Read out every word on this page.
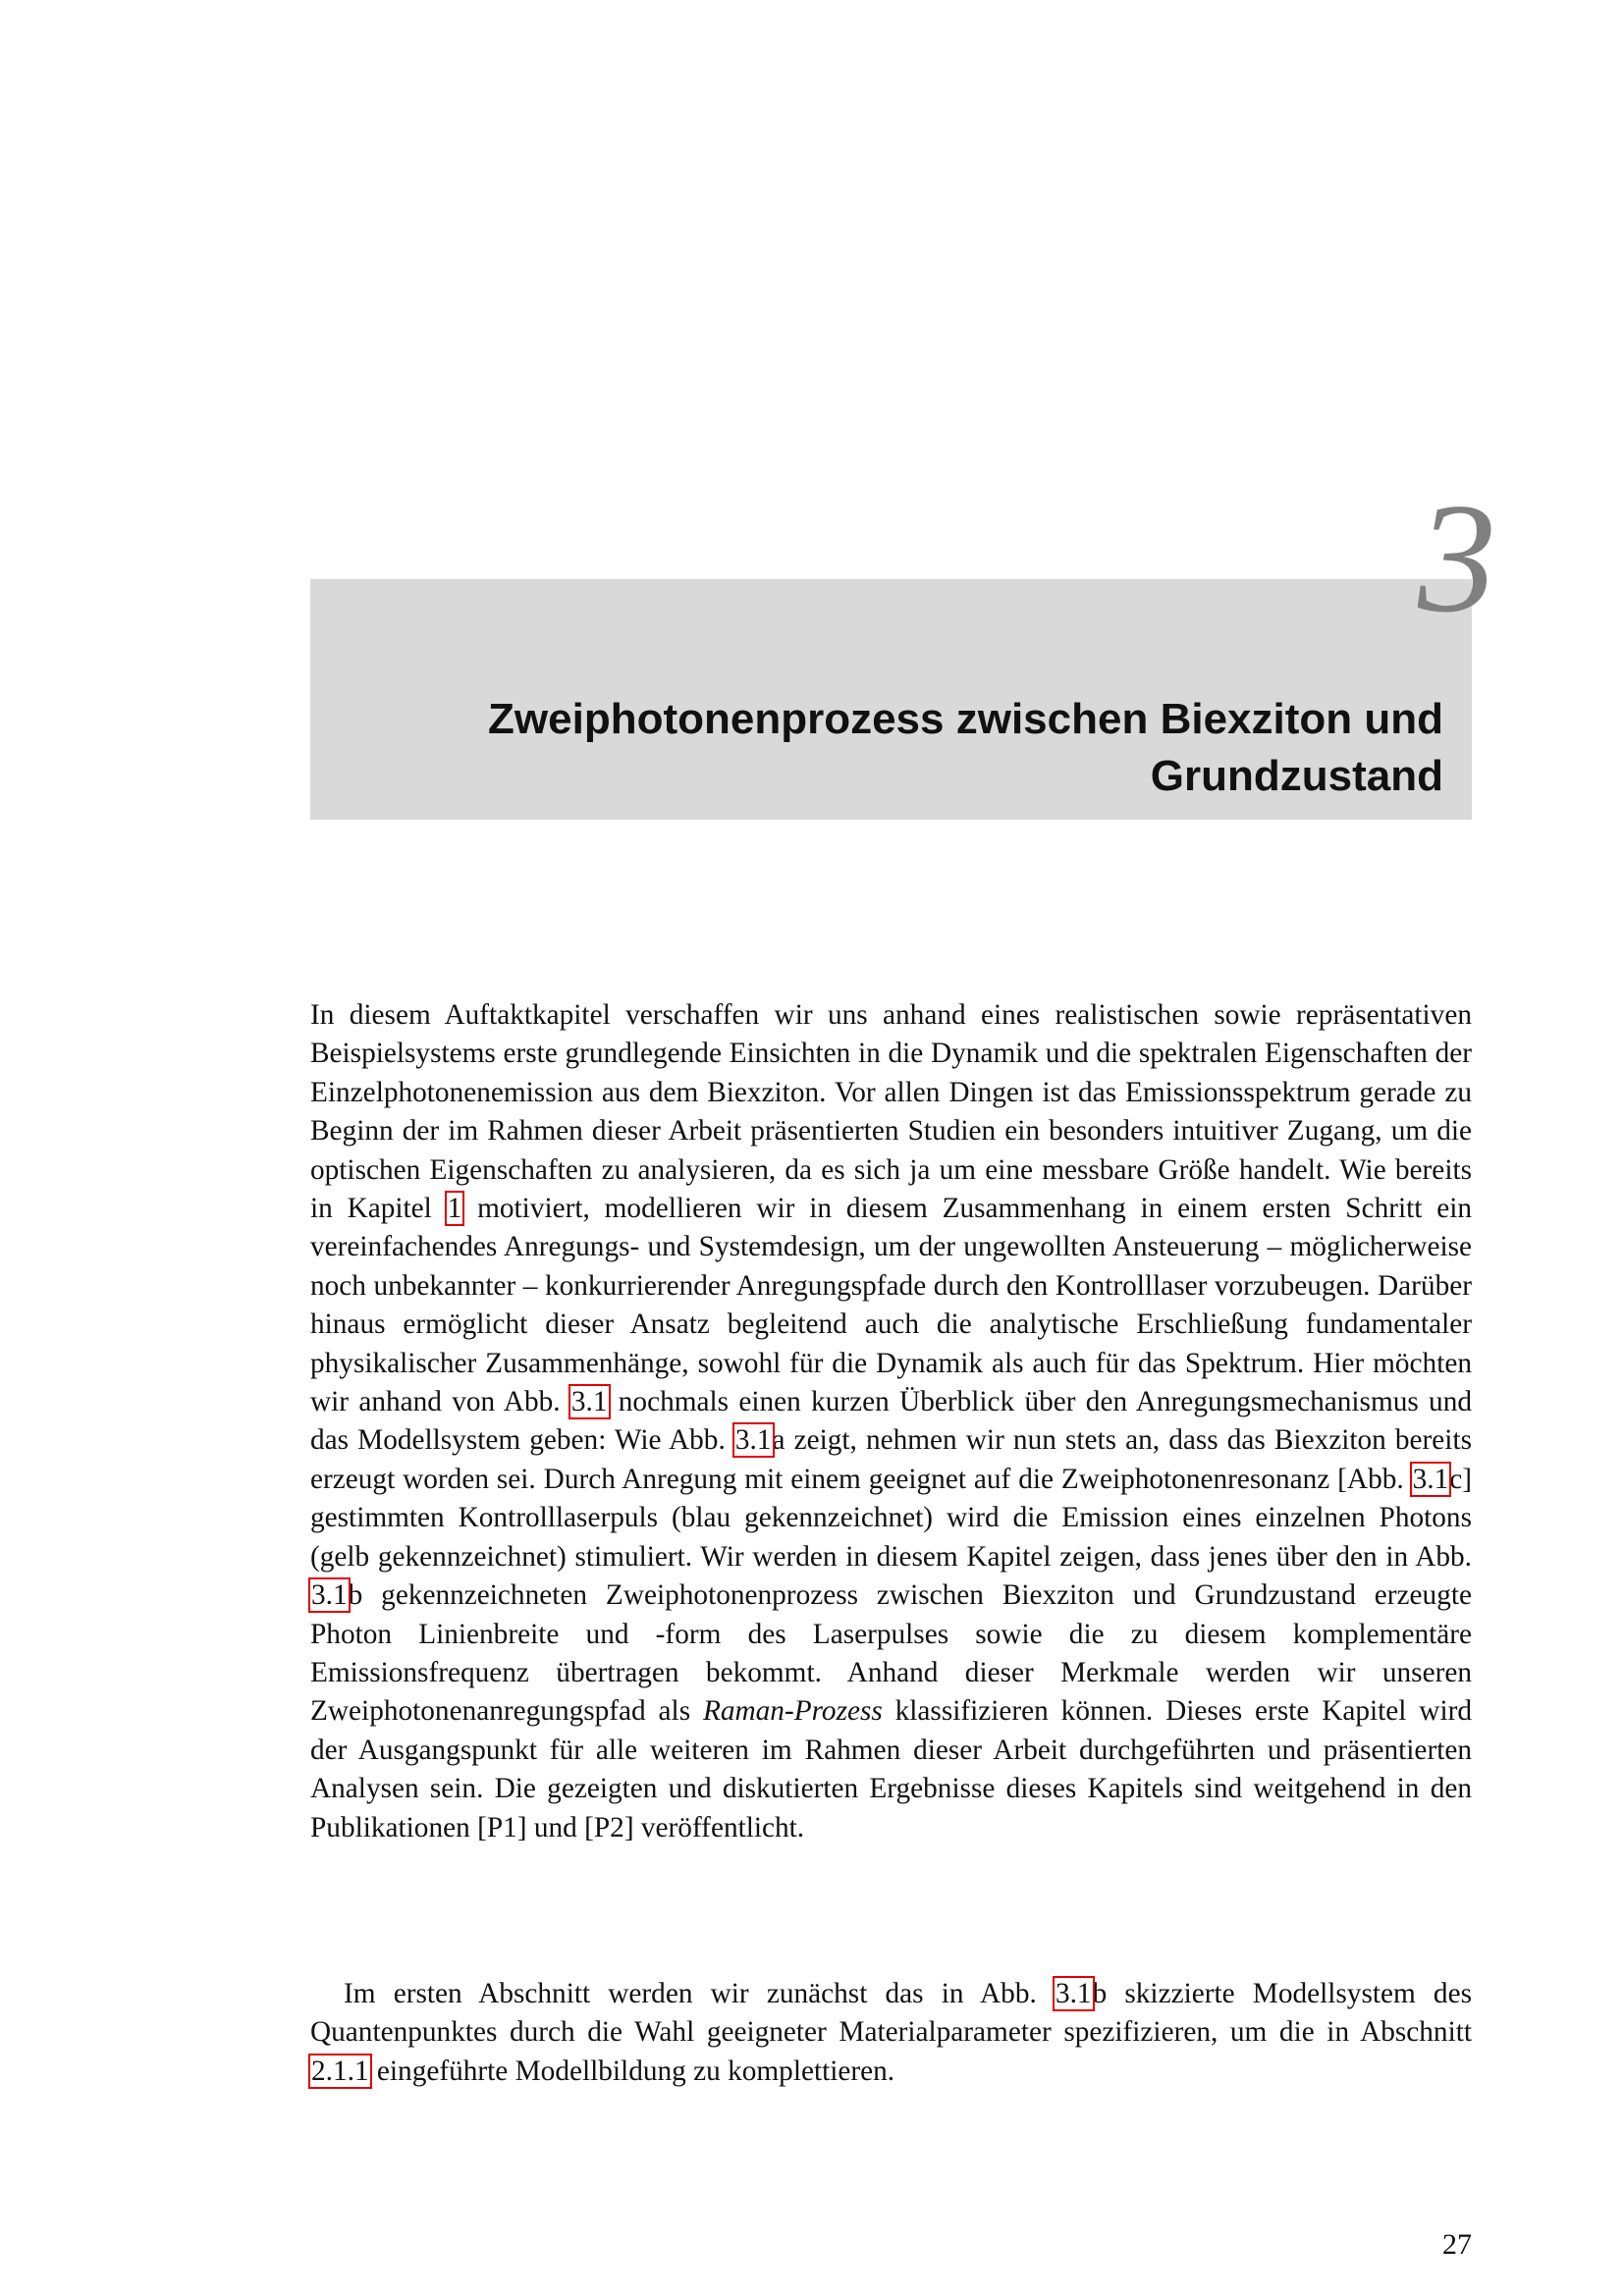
3
Zweiphotonenprozess zwischen Biexziton und
Grundzustand

In diesem Auftaktkapitel verschaffen wir uns anhand eines realistischen sowie repräsentativen Beispielsystems erste grundlegende Einsichten in die Dynamik und die spektralen Eigenschaften der Einzelphotonenemission aus dem Biexziton. Vor allen Dingen ist das Emissionsspektrum gerade zu Beginn der im Rahmen dieser Arbeit präsentierten Studien ein besonders intuitiver Zugang, um die optischen Eigenschaften zu analysieren, da es sich ja um eine messbare Größe handelt. Wie bereits in Kapitel 1 motiviert, modellieren wir in diesem Zusammenhang in einem ersten Schritt ein vereinfachendes Anregungs- und Systemdesign, um der ungewollten Ansteuerung – möglicherweise noch unbekannter – konkurrierender Anregungspfade durch den Kontrolllaser vorzubeugen. Darüber hinaus ermöglicht dieser Ansatz begleitend auch die analytische Erschließung fundamentaler physikalischer Zusammenhänge, sowohl für die Dynamik als auch für das Spektrum. Hier möchten wir anhand von Abb. 3.1 nochmals einen kurzen Überblick über den Anregungsmechanismus und das Modellsystem geben: Wie Abb. 3.1a zeigt, nehmen wir nun stets an, dass das Biexziton bereits erzeugt worden sei. Durch Anregung mit einem geeignet auf die Zweiphotonenresonanz [Abb. 3.1c] gestimmten Kontrolllaserpuls (blau gekennzeichnet) wird die Emission eines einzelnen Photons (gelb gekennzeichnet) stimuliert. Wir werden in diesem Kapitel zeigen, dass jenes über den in Abb. 3.1b gekennzeichneten Zweiphotonenprozess zwischen Biexziton und Grundzustand erzeugte Photon Linienbreite und -form des Laserpulses sowie die zu diesem komplementäre Emissionsfrequenz übertragen bekommt. Anhand dieser Merkmale werden wir unseren Zweiphotonenanregungspfad als Raman-Prozess klassifizieren können. Dieses erste Kapitel wird der Ausgangspunkt für alle weiteren im Rahmen dieser Arbeit durchgeführten und präsentierten Analysen sein. Die gezeigten und diskutierten Ergebnisse dieses Kapitels sind weitgehend in den Publikationen [P1] und [P2] veröffentlicht.

Im ersten Abschnitt werden wir zunächst das in Abb. 3.1b skizzierte Modellsystem des Quantenpunktes durch die Wahl geeigneter Materialparameter spezifizieren, um die in Abschnitt 2.1.1 eingeführte Modellbildung zu komplettieren.

27
